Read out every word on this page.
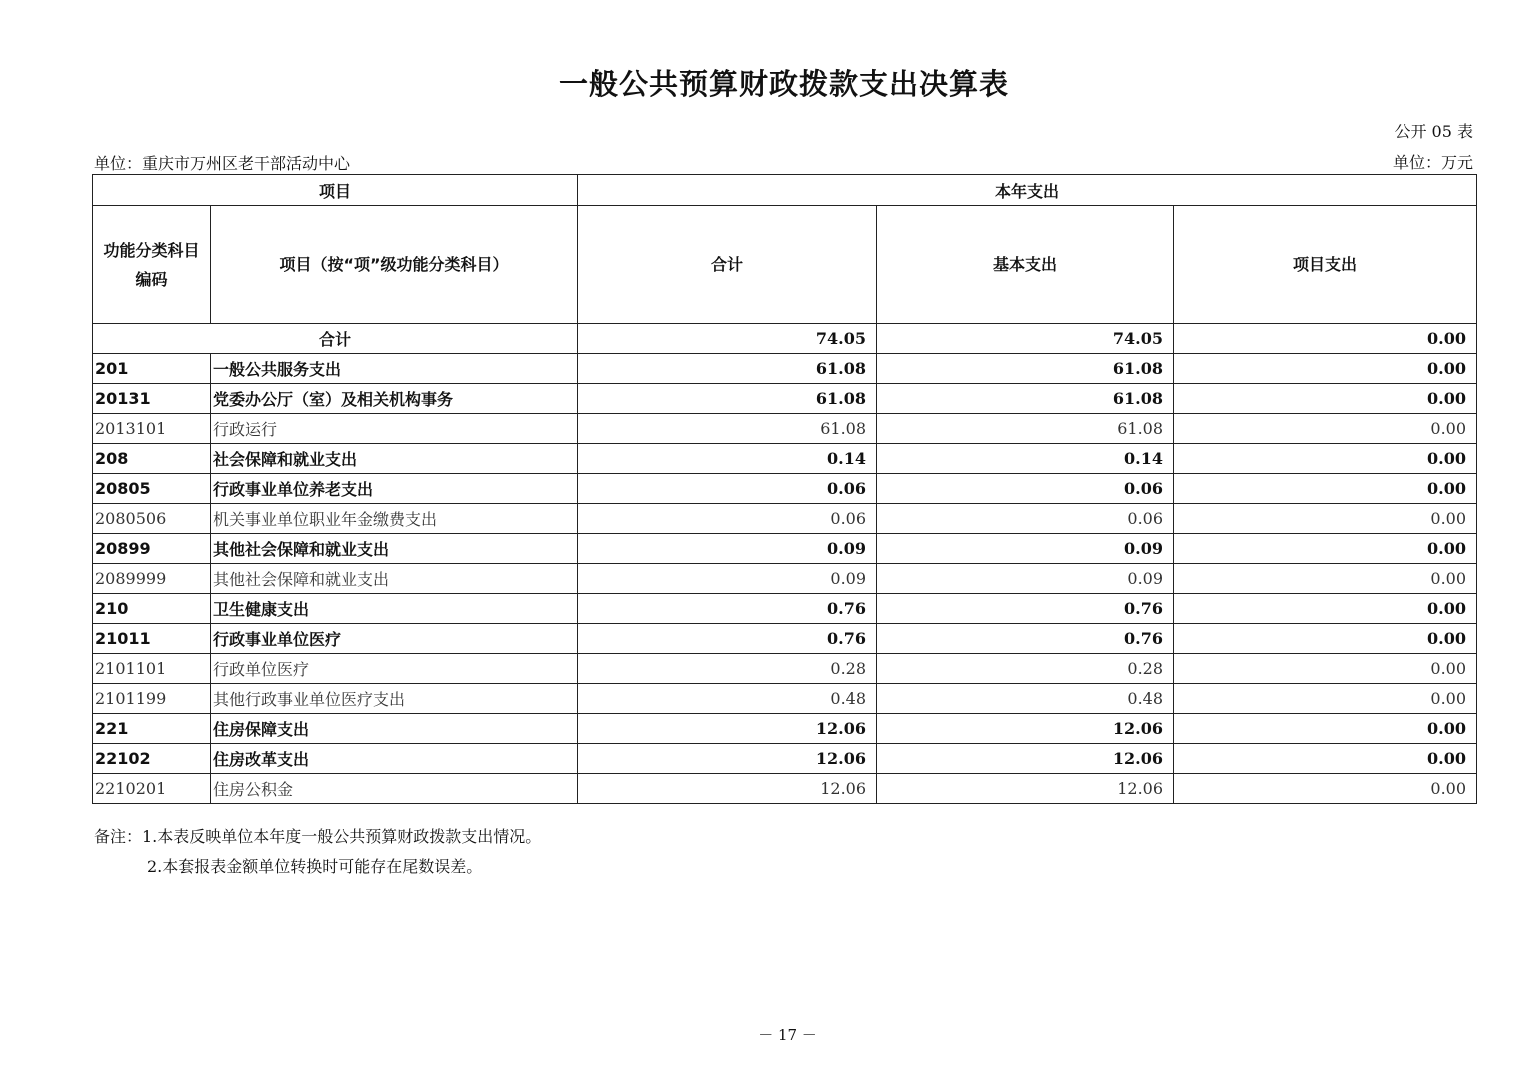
一般公共预算财政拨款支出决算表
公开 05 表
单位：重庆市万州区老干部活动中心	单位：万元
项目		本年支出		
功能分类科目编码	项目（按“项”级功能分类科目）	合计	基本支出	项目支出
合计		74.05	74.05	0.00
201	一般公共服务支出	61.08	61.08	0.00
20131	党委办公厅（室）及相关机构事务	61.08	61.08	0.00
2013101	行政运行	61.08	61.08	0.00
208	社会保障和就业支出	0.14	0.14	0.00
20805	行政事业单位养老支出	0.06	0.06	0.00
2080506	机关事业单位职业年金缴费支出	0.06	0.06	0.00
20899	其他社会保障和就业支出	0.09	0.09	0.00
2089999	其他社会保障和就业支出	0.09	0.09	0.00
210	卫生健康支出	0.76	0.76	0.00
21011	行政事业单位医疗	0.76	0.76	0.00
2101101	行政单位医疗	0.28	0.28	0.00
2101199	其他行政事业单位医疗支出	0.48	0.48	0.00
221	住房保障支出	12.06	12.06	0.00
22102	住房改革支出	12.06	12.06	0.00
2210201	住房公积金	12.06	12.06	0.00
备注：1.本表反映单位本年度一般公共预算财政拨款支出情况。
2.本套报表金额单位转换时可能存在尾数误差。
－ 17 －
